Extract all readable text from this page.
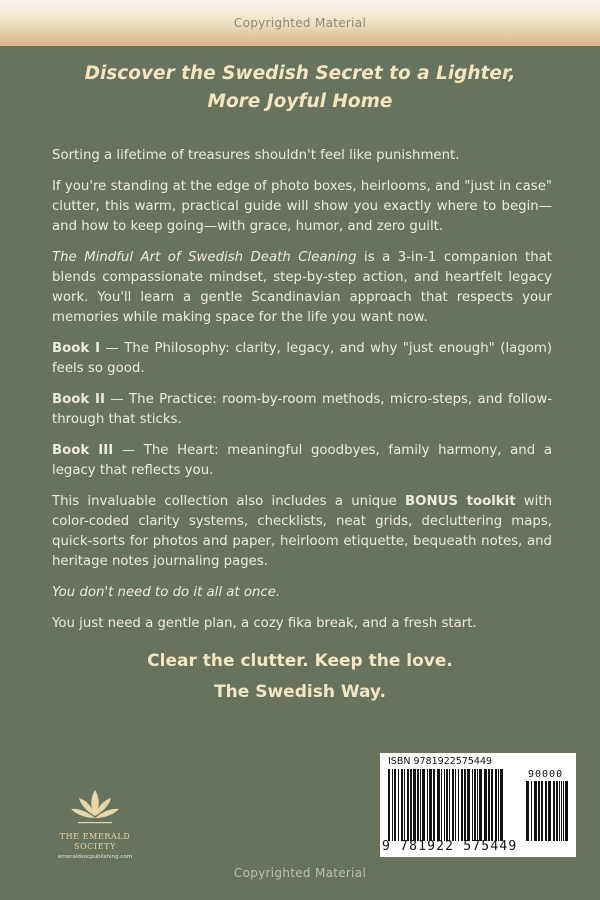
Copyrighted Material
Discover the Swedish Secret to a Lighter,
More Joyful Home

Sorting a lifetime of treasures shouldn't feel like punishment.

If you're standing at the edge of photo boxes, heirlooms, and "just in case" clutter, this warm, practical guide will show you exactly where to begin—and how to keep going—with grace, humor, and zero guilt.

The Mindful Art of Swedish Death Cleaning is a 3-in-1 companion that blends compassionate mindset, step-by-step action, and heartfelt legacy work. You'll learn a gentle Scandinavian approach that respects your memories while making space for the life you want now.

Book I — The Philosophy: clarity, legacy, and why "just enough" (lagom) feels so good.

Book II — The Practice: room-by-room methods, micro-steps, and follow-through that sticks.

Book III — The Heart: meaningful goodbyes, family harmony, and a legacy that reflects you.

This invaluable collection also includes a unique BONUS toolkit with color-coded clarity systems, checklists, neat grids, decluttering maps, quick-sorts for photos and paper, heirloom etiquette, bequeath notes, and heritage notes journaling pages.

You don't need to do it all at once.

You just need a gentle plan, a cozy fika break, and a fresh start.

Clear the clutter. Keep the love.
The Swedish Way.
THE EMERALD
SOCIETY
emeraldsocpublishing.com
ISBN 9781922575449
90000
9 781922 575449
Copyrighted Material
